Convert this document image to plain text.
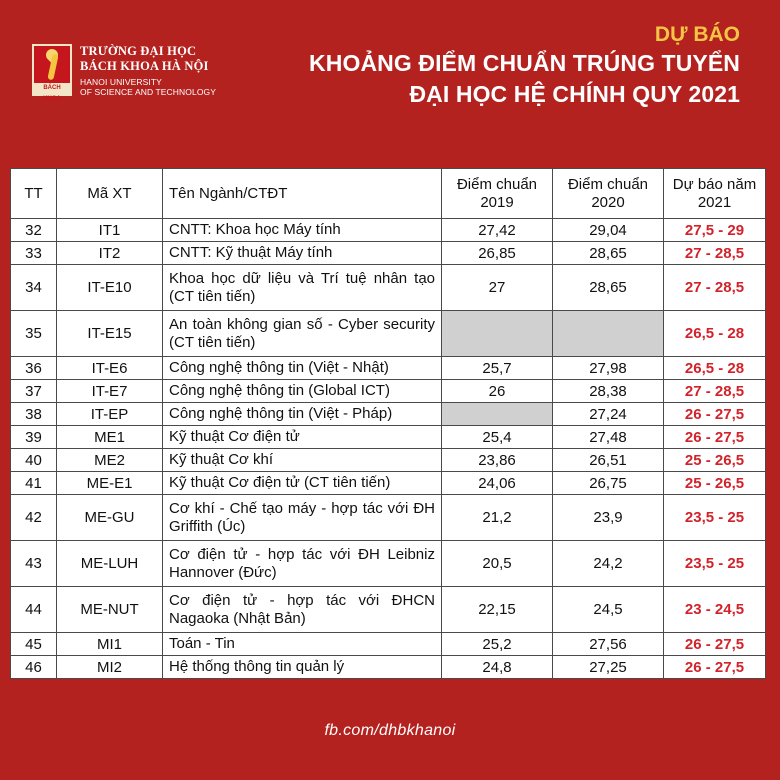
BÁCH KHOA
TRƯỜNG ĐẠI HỌC
BÁCH KHOA HÀ NỘI
HANOI UNIVERSITY
OF SCIENCE AND TECHNOLOGY
DỰ BÁO
KHOẢNG ĐIỂM CHUẨN TRÚNG TUYỂN
ĐẠI HỌC HỆ CHÍNH QUY 2021
TT	Mã XT	Tên Ngành/CTĐT	Điểm chuẩn 2019	Điểm chuẩn 2020	Dự báo năm 2021
32	IT1	CNTT: Khoa học Máy tính	27,42	29,04	27,5 - 29
33	IT2	CNTT: Kỹ thuật Máy tính	26,85	28,65	27 - 28,5
34	IT-E10	Khoa học dữ liệu và Trí tuệ nhân tạo (CT tiên tiến)	27	28,65	27 - 28,5
35	IT-E15	An toàn không gian số - Cyber security (CT tiên tiến)			26,5 - 28
36	IT-E6	Công nghệ thông tin (Việt - Nhật)	25,7	27,98	26,5 - 28
37	IT-E7	Công nghệ thông tin (Global ICT)	26	28,38	27 - 28,5
38	IT-EP	Công nghệ thông tin (Việt - Pháp)		27,24	26 - 27,5
39	ME1	Kỹ thuật Cơ điện tử	25,4	27,48	26 - 27,5
40	ME2	Kỹ thuật Cơ khí	23,86	26,51	25 - 26,5
41	ME-E1	Kỹ thuật Cơ điện tử (CT tiên tiến)	24,06	26,75	25 - 26,5
42	ME-GU	Cơ khí - Chế tạo máy - hợp tác với ĐH Griffith (Úc)	21,2	23,9	23,5 - 25
43	ME-LUH	Cơ điện tử - hợp tác với ĐH Leibniz Hannover (Đức)	20,5	24,2	23,5 - 25
44	ME-NUT	Cơ điện tử - hợp tác với ĐHCN Nagaoka (Nhật Bản)	22,15	24,5	23 - 24,5
45	MI1	Toán - Tin	25,2	27,56	26 - 27,5
46	MI2	Hệ thống thông tin quản lý	24,8	27,25	26 - 27,5
fb.com/dhbkhanoi
